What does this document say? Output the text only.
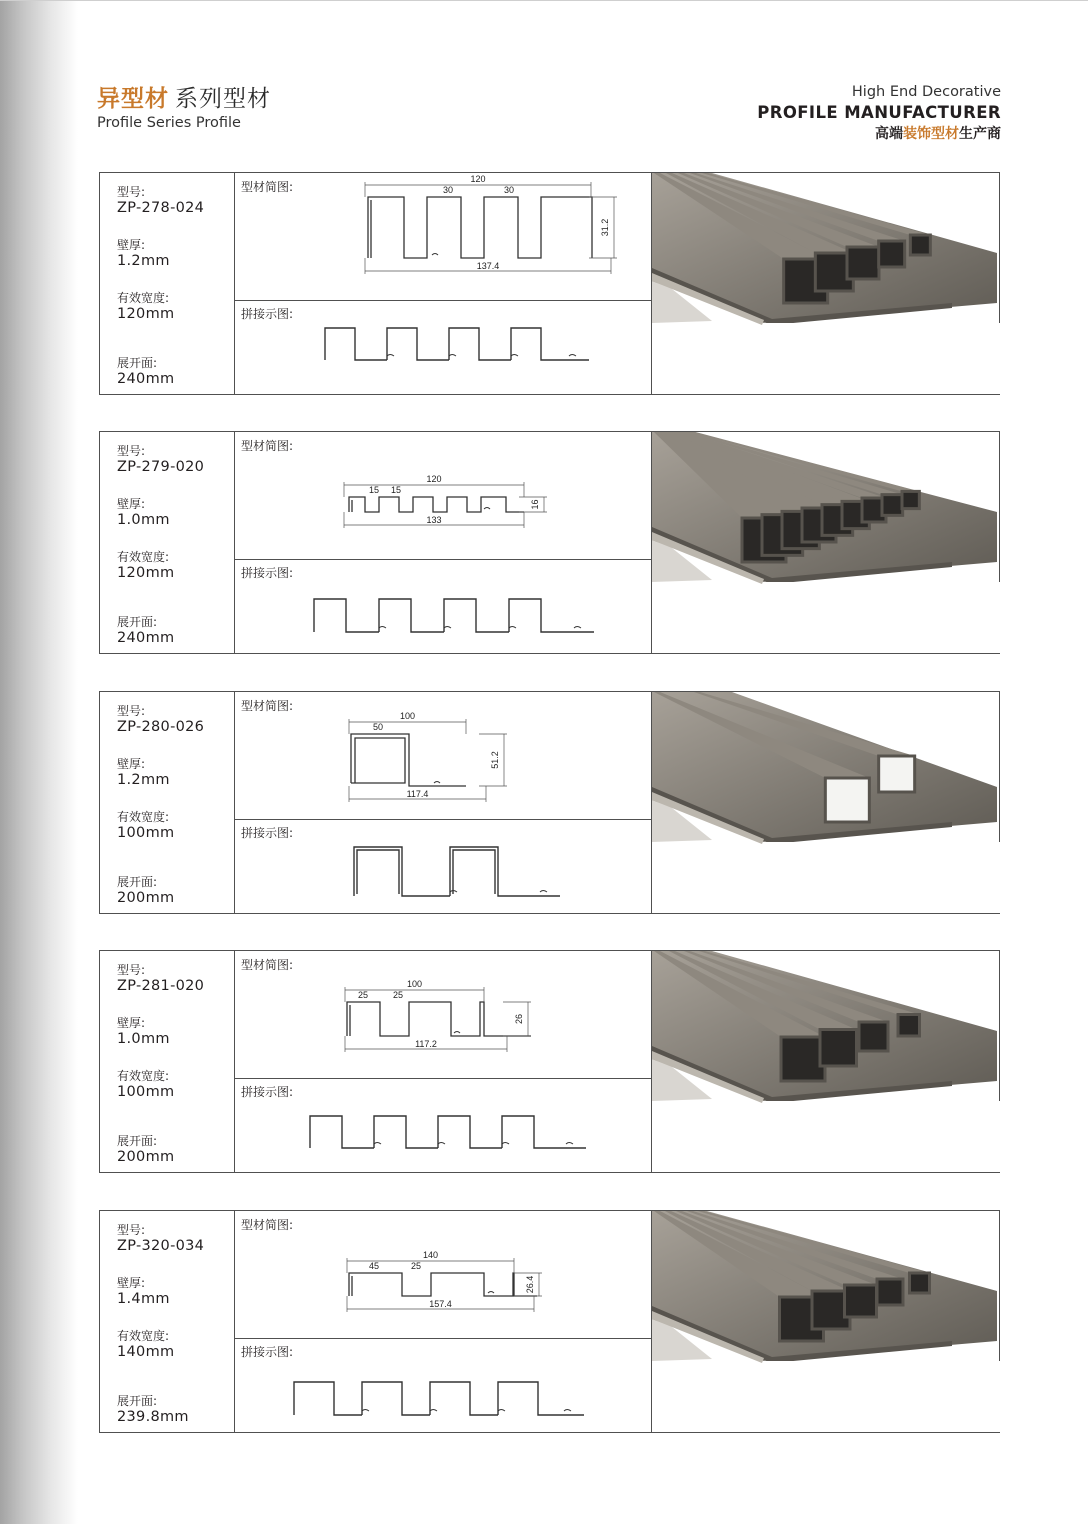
异型材 系列型材
Profile Series Profile
High End Decorative
PROFILE MANUFACTURER
高端装饰型材生产商
型号:
ZP-278-024
壁厚:
1.2mm
有效宽度:
120mm
展开面:
240mm
型材简图:
120
30	30
137.4
31.2
拼接示图:
型号:
ZP-279-020
壁厚:
1.0mm
有效宽度:
120mm
展开面:
240mm
型材简图:
120
15 15
133
16
拼接示图:
型号:
ZP-280-026
壁厚:
1.2mm
有效宽度:
100mm
展开面:
200mm
型材简图:
100
50
117.4
51.2
拼接示图:
型号:
ZP-281-020
壁厚:
1.0mm
有效宽度:
100mm
展开面:
200mm
型材简图:
100
25	25
117.2
26
拼接示图:
型号:
ZP-320-034
壁厚:
1.4mm
有效宽度:
140mm
展开面:
239.8mm
型材简图:
140
45	25
157.4
26.4
拼接示图:
